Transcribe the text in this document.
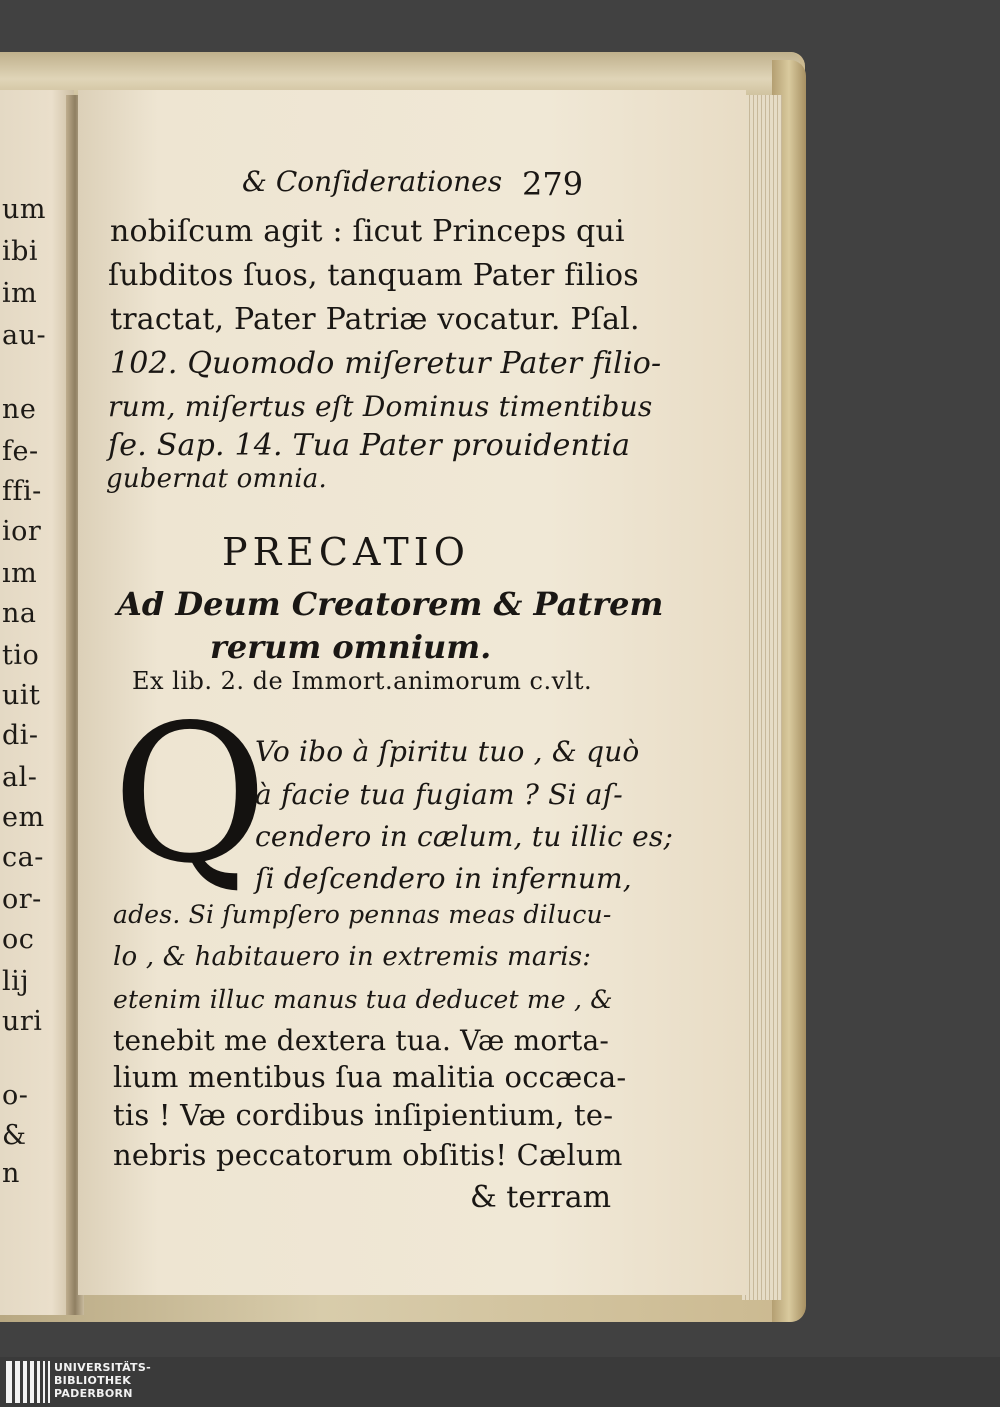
um
ibi
im
au-
ne
fe-
ffi-
ior
ım
na
tio
uit
di-
al-
em
ca-
or-
oc
lij
uri
o-
&
n
& Conſiderationes 279
nobiſcum agit : ſicut Princeps qui
ſubditos ſuos, tanquam Pater filios
tractat, Pater Patriæ vocatur. Pſal.
102. Quomodo miſeretur Pater filio-
rum, miſertus eſt Dominus timentibus
ſe. Sap. 14. Tua Pater prouidentia
gubernat omnia.
PRECATIO
Ad Deum Creatorem & Patrem
rerum omnium.
Ex lib. 2. de Immort.animorum c.vlt.
Q
Vo ibo à ſpiritu tuo , & quò
à facie tua fugiam ? Si aſ-
cendero in cælum, tu illic es;
ſi deſcendero in infernum,
ades. Si ſumpſero pennas meas dilucu-
lo , & habitauero in extremis maris:
etenim illuc manus tua deducet me , &
tenebit me dextera tua. Væ morta-
lium mentibus ſua malitia occæca-
tis ! Væ cordibus inſipientium, te-
nebris peccatorum obſitis! Cælum
& terram
UNIVERSITÄTS-
BIBLIOTHEK
PADERBORN
